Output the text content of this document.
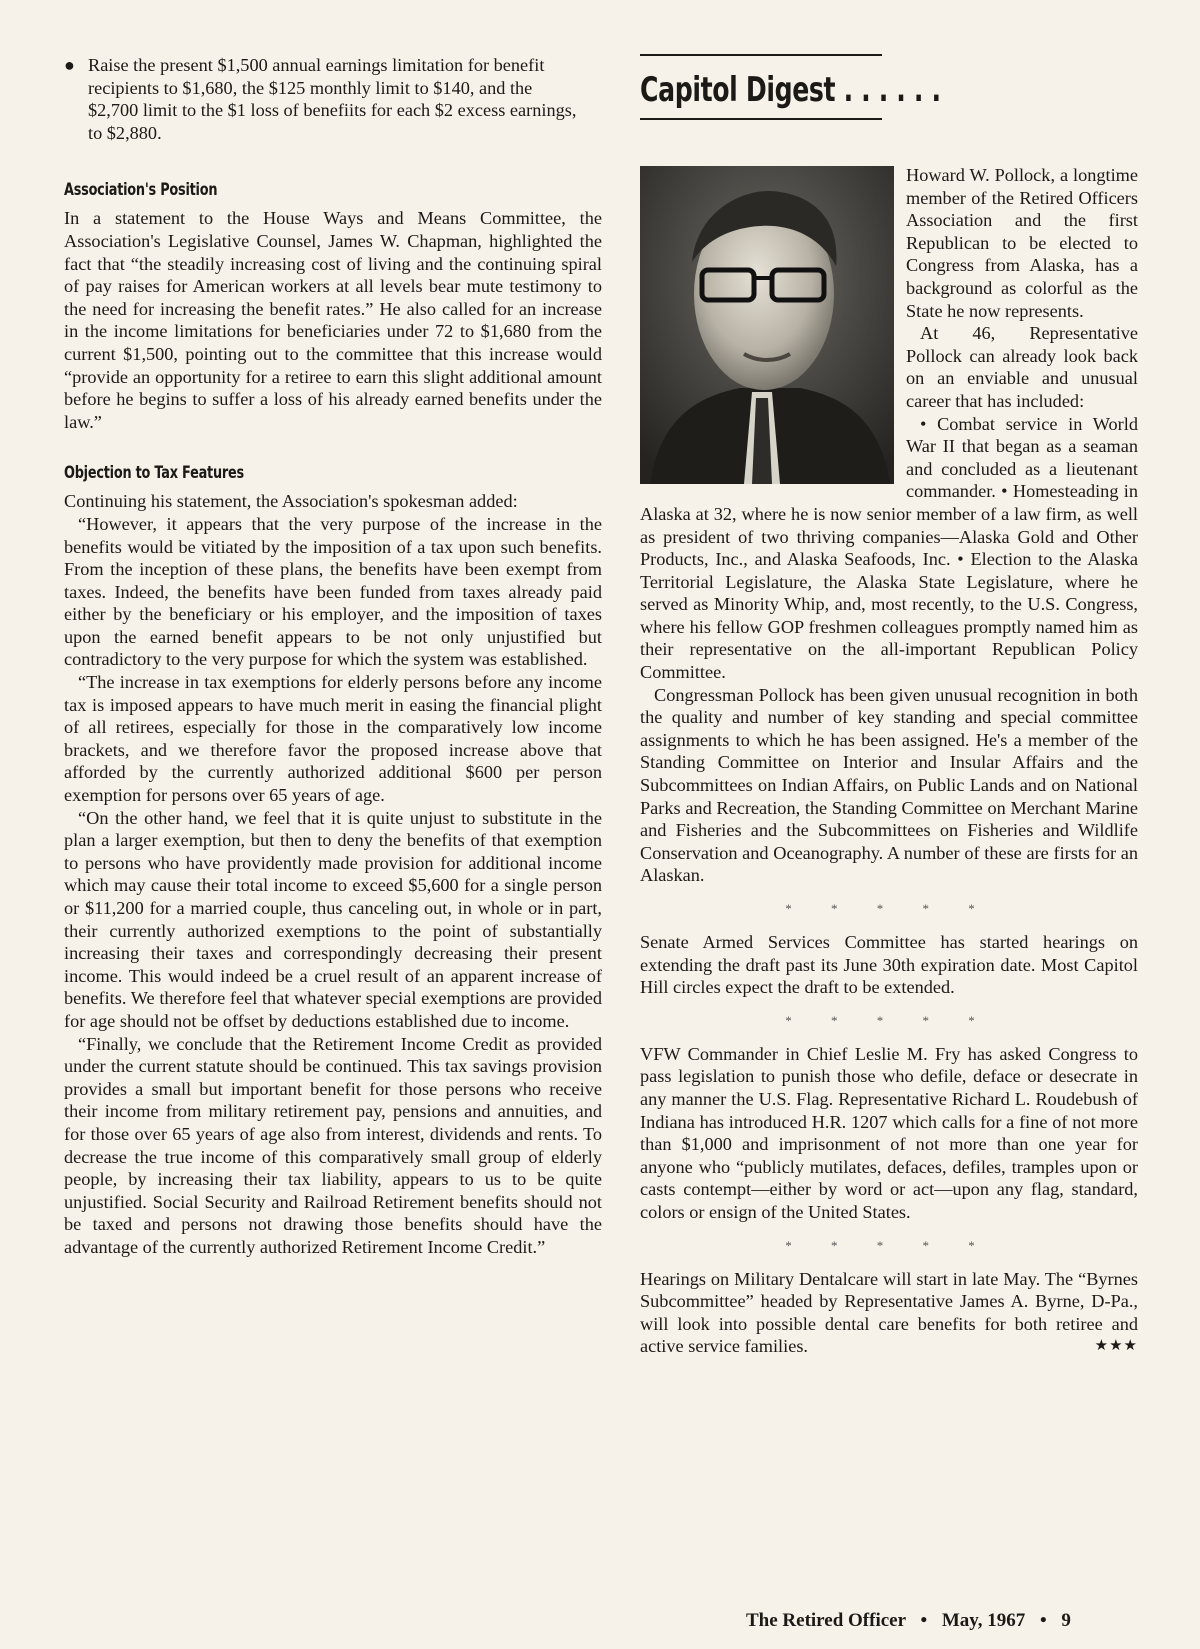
● Raise the present $1,500 annual earnings limitation for benefit recipients to $1,680, the $125 monthly limit to $140, and the $2,700 limit to the $1 loss of benefiits for each $2 excess earnings, to $2,880.
Association's Position

In a statement to the House Ways and Means Committee, the Association's Legislative Counsel, James W. Chapman, highlighted the fact that “the steadily increasing cost of living and the continuing spiral of pay raises for American workers at all levels bear mute testimony to the need for increasing the benefit rates.” He also called for an increase in the income limitations for beneficiaries under 72 to $1,680 from the current $1,500, pointing out to the committee that this increase would “provide an opportunity for a retiree to earn this slight additional amount before he begins to suffer a loss of his already earned benefits under the law.”

Objection to Tax Features

Continuing his statement, the Association's spokesman added:

“However, it appears that the very purpose of the increase in the benefits would be vitiated by the imposition of a tax upon such benefits. From the inception of these plans, the benefits have been exempt from taxes. Indeed, the benefits have been funded from taxes already paid either by the beneficiary or his employer, and the imposition of taxes upon the earned benefit appears to be not only unjustified but contradictory to the very purpose for which the system was established.

“The increase in tax exemptions for elderly persons before any income tax is imposed appears to have much merit in easing the financial plight of all retirees, especially for those in the comparatively low income brackets, and we therefore favor the proposed increase above that afforded by the currently authorized additional $600 per person exemption for persons over 65 years of age.

“On the other hand, we feel that it is quite unjust to substitute in the plan a larger exemption, but then to deny the benefits of that exemption to persons who have providently made provision for additional income which may cause their total income to exceed $5,600 for a single person or $11,200 for a married couple, thus canceling out, in whole or in part, their currently authorized exemptions to the point of substantially increasing their taxes and correspondingly decreasing their present income. This would indeed be a cruel result of an apparent increase of benefits. We therefore feel that whatever special exemptions are provided for age should not be offset by deductions established due to income.

“Finally, we conclude that the Retirement Income Credit as provided under the current statute should be continued. This tax savings provision provides a small but important benefit for those persons who receive their income from military retirement pay, pensions and annuities, and for those over 65 years of age also from interest, dividends and rents. To decrease the true income of this comparatively small group of elderly people, by increasing their tax liability, appears to us to be quite unjustified. Social Security and Railroad Retirement benefits should not be taxed and persons not drawing those benefits should have the advantage of the currently authorized Retirement Income Credit.”

Capitol Digest . . . . . .

Howard W. Pollock, a longtime member of the Retired Officers Association and the first Republican to be elected to Congress from Alaska, has a background as colorful as the State he now represents.

At 46, Representative Pollock can already look back on an enviable and unusual career that has included:

• Combat service in World War II that began as a seaman and concluded as a lieutenant commander. • Homesteading in Alaska at 32, where he is now senior member of a law firm, as well as president of two thriving companies—Alaska Gold and Other Products, Inc., and Alaska Seafoods, Inc. • Election to the Alaska Territorial Legislature, the Alaska State Legislature, where he served as Minority Whip, and, most recently, to the U.S. Congress, where his fellow GOP freshmen colleagues promptly named him as their representative on the all-important Republican Policy Committee.

Congressman Pollock has been given unusual recognition in both the quality and number of key standing and special committee assignments to which he has been assigned. He's a member of the Standing Committee on Interior and Insular Affairs and the Subcommittees on Indian Affairs, on Public Lands and on National Parks and Recreation, the Standing Committee on Merchant Marine and Fisheries and the Subcommittees on Fisheries and Wildlife Conservation and Oceanography. A number of these are firsts for an Alaskan.

* * * * *

Senate Armed Services Committee has started hearings on extending the draft past its June 30th expiration date. Most Capitol Hill circles expect the draft to be extended.

* * * * *

VFW Commander in Chief Leslie M. Fry has asked Congress to pass legislation to punish those who defile, deface or desecrate in any manner the U.S. Flag. Representative Richard L. Roudebush of Indiana has introduced H.R. 1207 which calls for a fine of not more than $1,000 and imprisonment of not more than one year for anyone who “publicly mutilates, defaces, defiles, tramples upon or casts contempt—either by word or act—upon any flag, standard, colors or ensign of the United States.

* * * * *

Hearings on Military Dentalcare will start in late May. The “Byrnes Subcommittee” headed by Representative James A. Byrne, D-Pa., will look into possible dental care benefits for both retiree and active service families.	★★★

The Retired Officer • May, 1967 • 9
